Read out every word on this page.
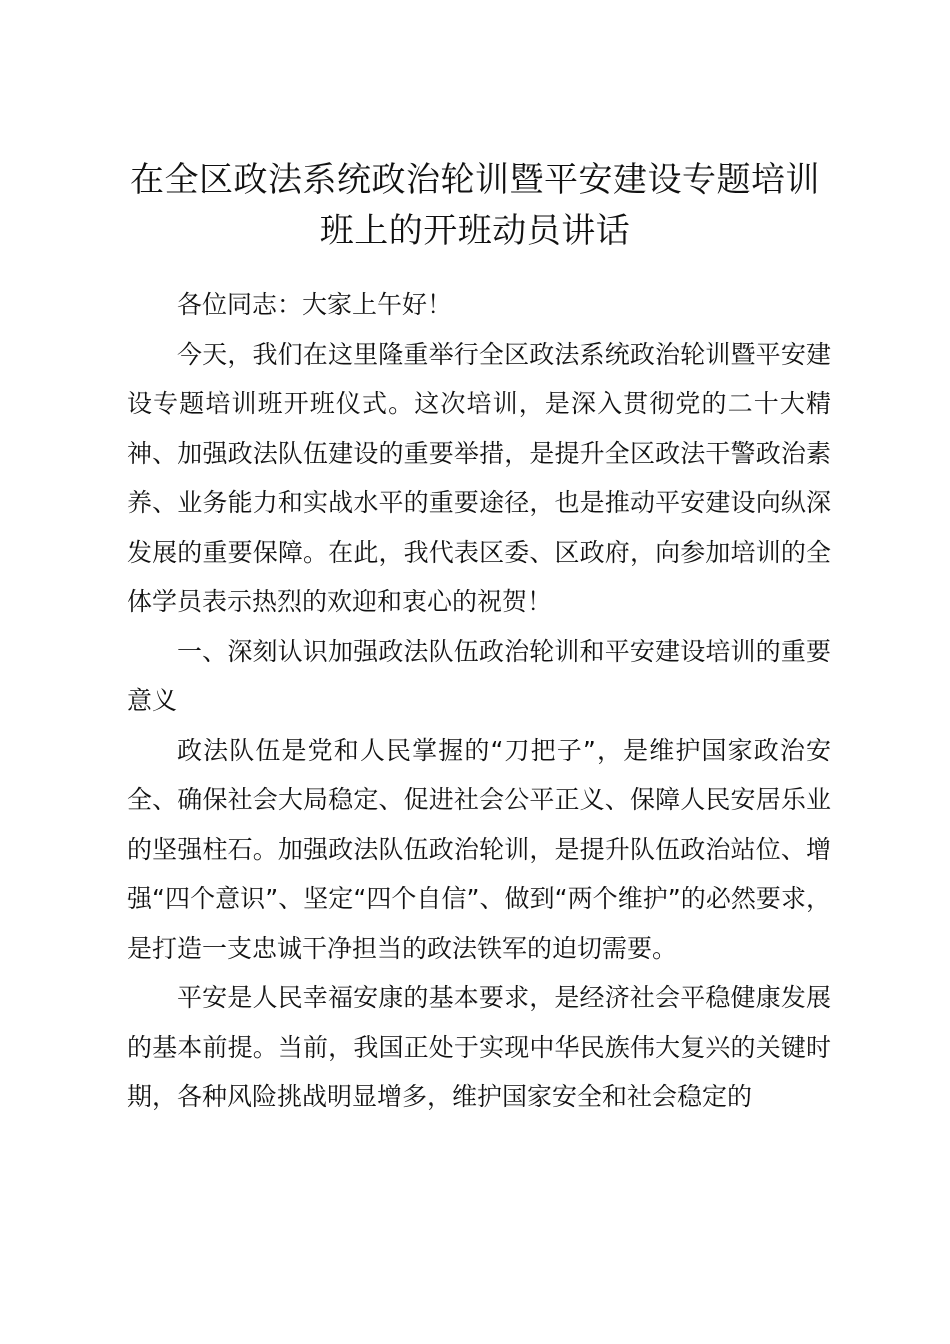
在全区政法系统政治轮训暨平安建设专题培训班上的开班动员讲话

各位同志：大家上午好！

今天，我们在这里隆重举行全区政法系统政治轮训暨平安建设专题培训班开班仪式。这次培训，是深入贯彻党的二十大精神、加强政法队伍建设的重要举措，是提升全区政法干警政治素养、业务能力和实战水平的重要途径，也是推动平安建设向纵深发展的重要保障。在此，我代表区委、区政府，向参加培训的全体学员表示热烈的欢迎和衷心的祝贺！

一、深刻认识加强政法队伍政治轮训和平安建设培训的重要意义

政法队伍是党和人民掌握的“刀把子”，是维护国家政治安全、确保社会大局稳定、促进社会公平正义、保障人民安居乐业的坚强柱石。加强政法队伍政治轮训，是提升队伍政治站位、增强“四个意识”、坚定“四个自信”、做到“两个维护”的必然要求，是打造一支忠诚干净担当的政法铁军的迫切需要。

平安是人民幸福安康的基本要求，是经济社会平稳健康发展的基本前提。当前，我国正处于实现中华民族伟大复兴的关键时期，各种风险挑战明显增多，维护国家安全和社会稳定的
